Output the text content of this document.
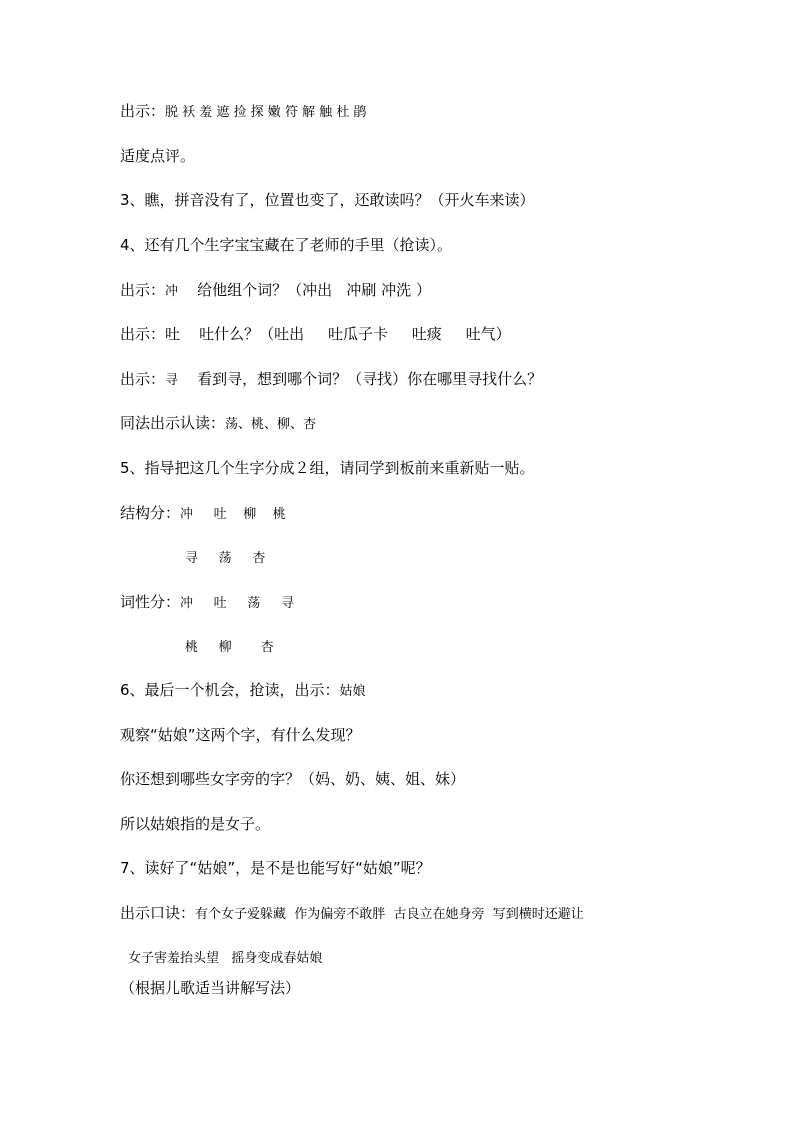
出示：脱 袄 羞 遮 捡 探 嫩 符 解 触 杜 鹃
适度点评。
3、瞧，拼音没有了，位置也变了，还敢读吗？（开火车来读）
4、还有几个生字宝宝藏在了老师的手里（抢读）。
出示：冲    给他组个词？（冲出   冲刷 冲洗 ）
出示：吐    吐什么？（吐出     吐瓜子卡     吐痰     吐气）
出示：寻    看到寻，想到哪个词？（寻找）你在哪里寻找什么？
同法出示认读：荡、桃、柳、杏
5、指导把这几个生字分成２组，请同学到板前来重新贴一贴。
结构分：冲     吐    柳    桃
寻     荡     杏
词性分：冲     吐     荡     寻
桃     柳       杏
6、最后一个机会，抢读，出示：姑娘
观察“姑娘”这两个字，有什么发现？
你还想到哪些女字旁的字？（妈、奶、姨、姐、妹）
所以姑娘指的是女子。
7、读好了“姑娘”，是不是也能写好“姑娘”呢？
出示口诀：有个女子爱躲藏  作为偏旁不敢胖  古良立在她身旁  写到横时还避让
女子害羞抬头望   摇身变成春姑娘
（根据儿歌适当讲解写法）
